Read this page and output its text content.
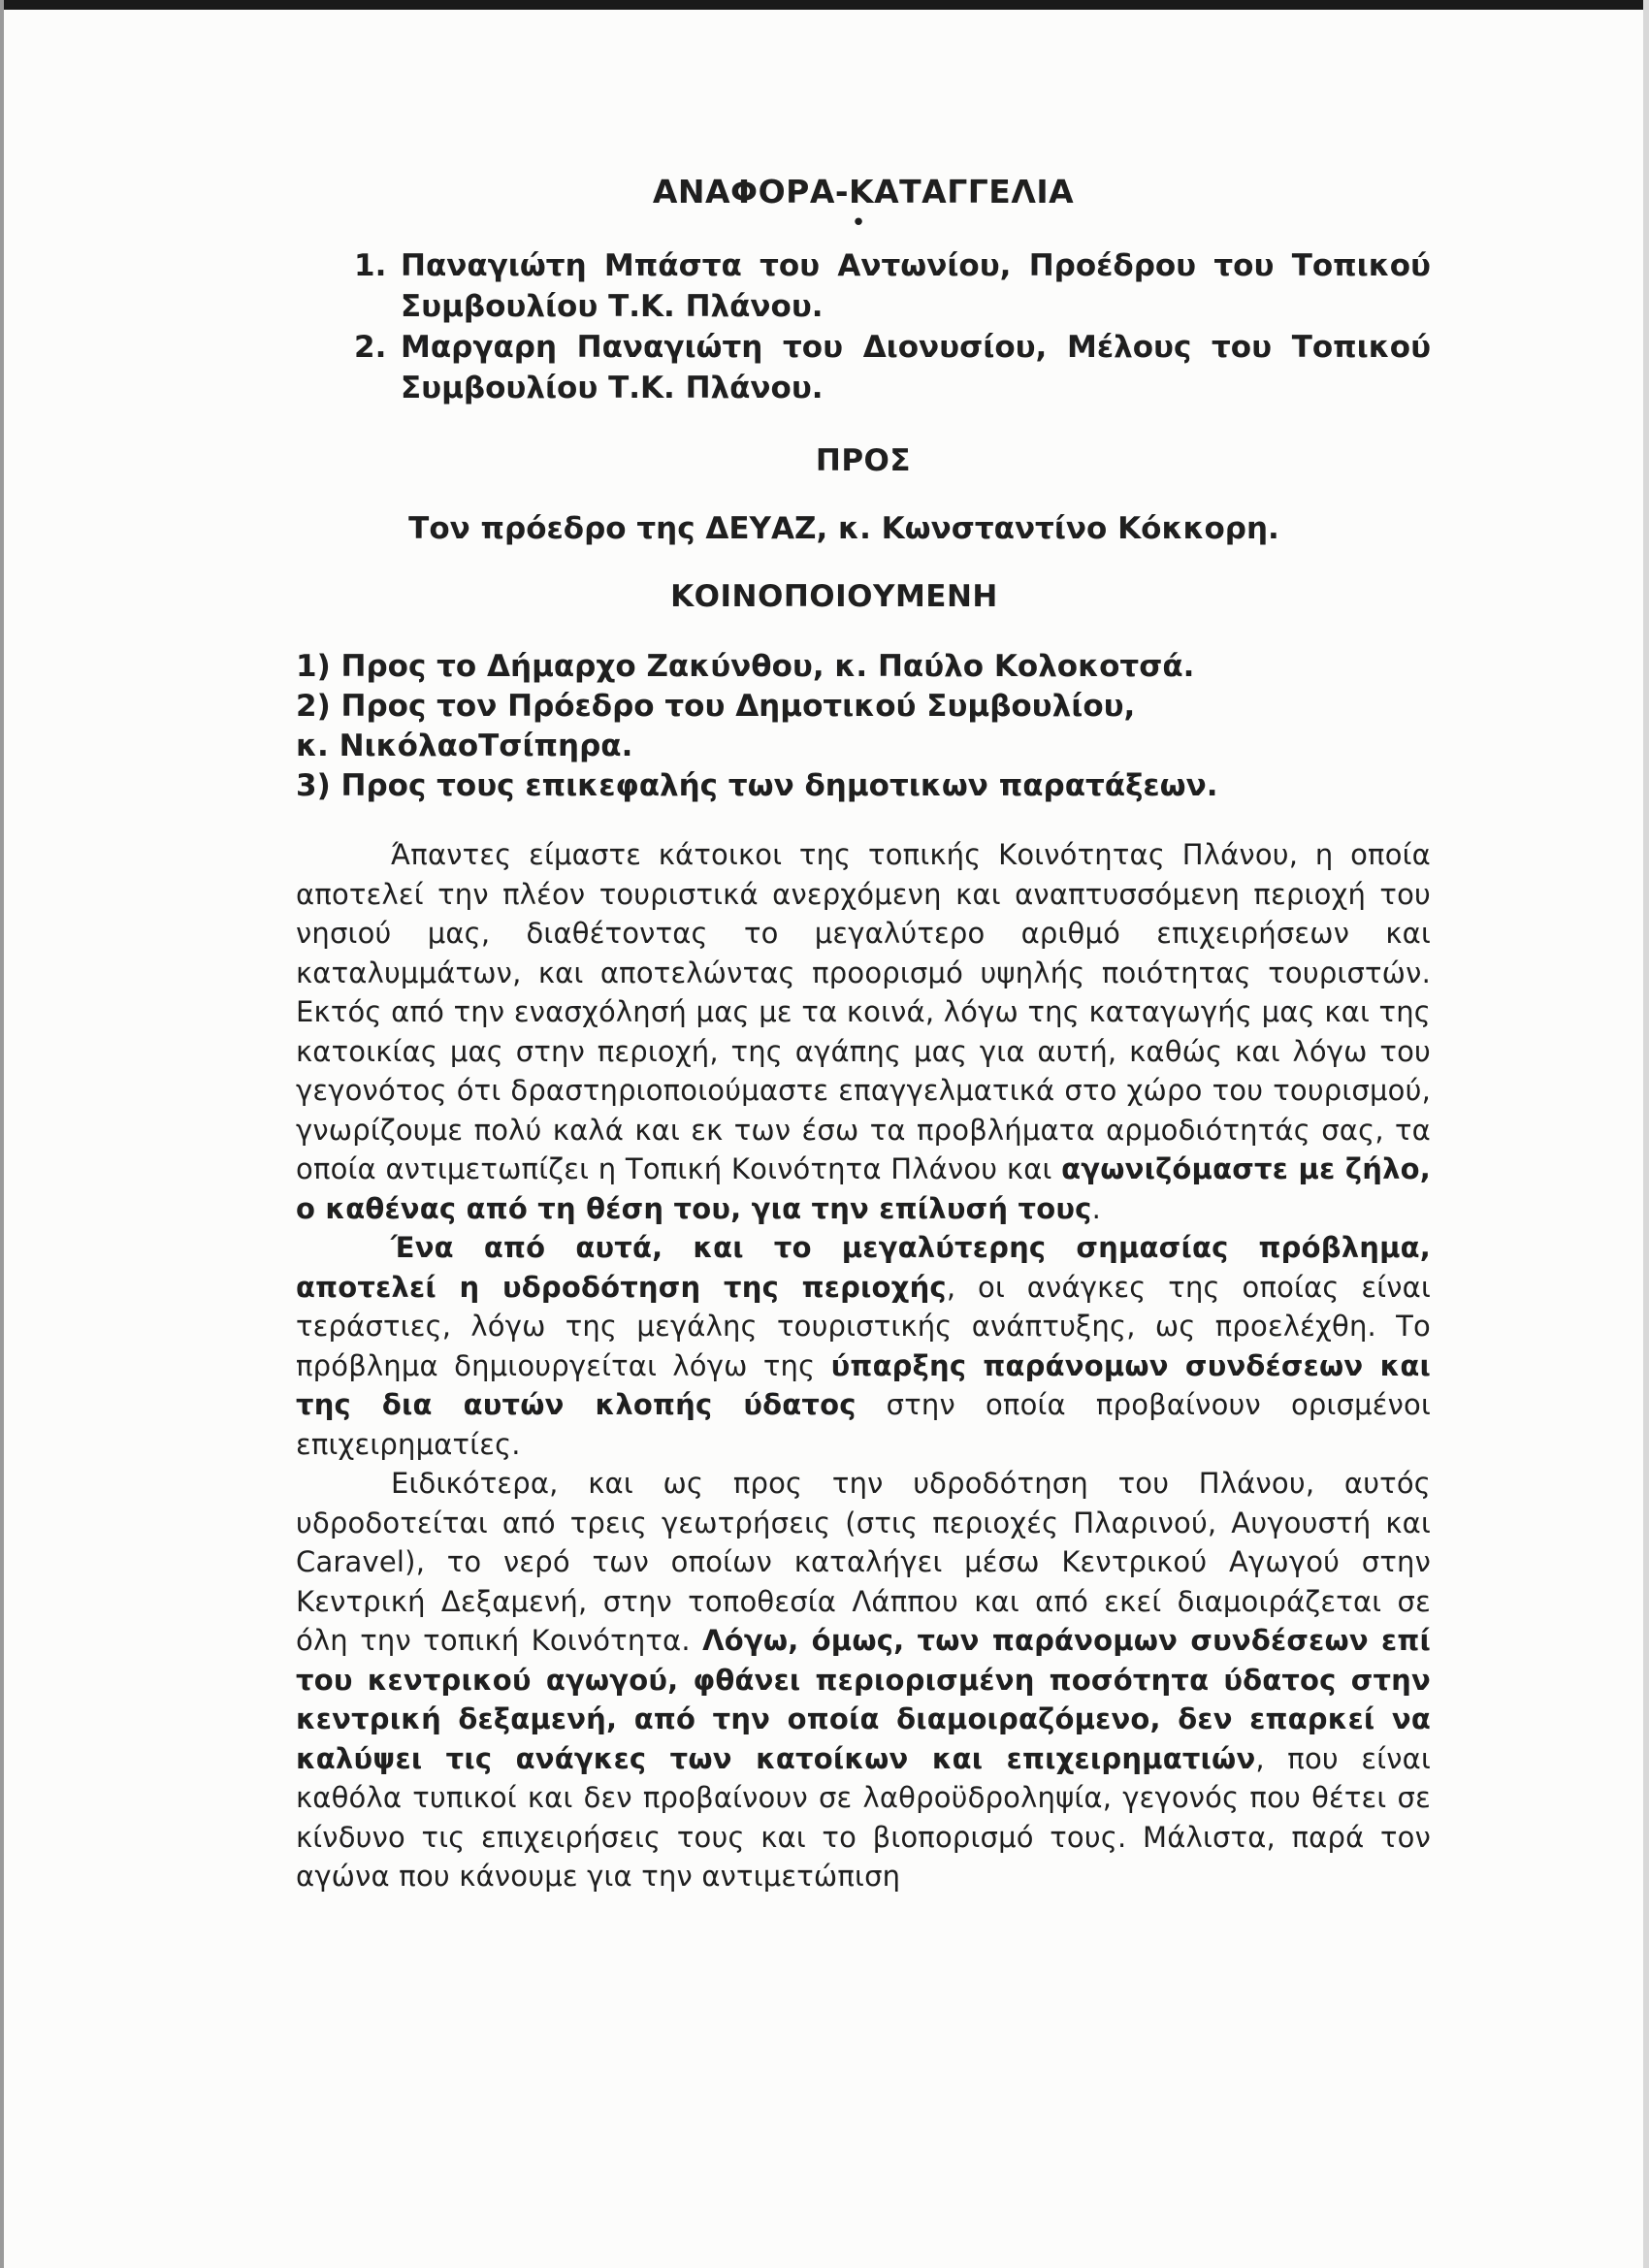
ΑΝΑΦΟΡΑ-ΚΑΤΑΓΓΕΛΙΑ

•
1. Παναγιώτη Μπάστα του Αντωνίου, Προέδρου του Τοπικού Συμβουλίου Τ.Κ. Πλάνου.
2. Μαργαρη Παναγιώτη του Διονυσίου, Μέλους του Τοπικού Συμβουλίου Τ.Κ. Πλάνου.

ΠΡΟΣ

Τον πρόεδρο της ΔΕΥΑΖ, κ. Κωνσταντίνο Κόκκορη.

ΚΟΙΝΟΠΟΙΟΥΜΕΝΗ

1) Προς το Δήμαρχο Ζακύνθου, κ. Παύλο Κολοκοτσά.
2) Προς τον Πρόεδρο του Δημοτικού Συμβουλίου,
κ. ΝικόλαοΤσίπηρα.
3) Προς τους επικεφαλής των δημοτικων παρατάξεων.

Άπαντες είμαστε κάτοικοι της τοπικής Κοινότητας Πλάνου, η οποία αποτελεί την πλέον τουριστικά ανερχόμενη και αναπτυσσόμενη περιοχή του νησιού μας, διαθέτοντας το μεγαλύτερο αριθμό επιχειρήσεων και καταλυμμάτων, και αποτελώντας προορισμό υψηλής ποιότητας τουριστών. Εκτός από την ενασχόλησή μας με τα κοινά, λόγω της καταγωγής μας και της κατοικίας μας στην περιοχή, της αγάπης μας για αυτή, καθώς και λόγω του γεγονότος ότι δραστηριοποιούμαστε επαγγελματικά στο χώρο του τουρισμού, γνωρίζουμε πολύ καλά και εκ των έσω τα προβλήματα αρμοδιότητάς σας, τα οποία αντιμετωπίζει η Τοπική Κοινότητα Πλάνου και αγωνιζόμαστε με ζήλο, ο καθένας από τη θέση του, για την επίλυσή τους.

Ένα από αυτά, και το μεγαλύτερης σημασίας πρόβλημα, αποτελεί η υδροδότηση της περιοχής, οι ανάγκες της οποίας είναι τεράστιες, λόγω της μεγάλης τουριστικής ανάπτυξης, ως προελέχθη. Το πρόβλημα δημιουργείται λόγω της ύπαρξης παράνομων συνδέσεων και της δια αυτών κλοπής ύδατος στην οποία προβαίνουν ορισμένοι επιχειρηματίες.

Ειδικότερα, και ως προς την υδροδότηση του Πλάνου, αυτός υδροδοτείται από τρεις γεωτρήσεις (στις περιοχές Πλαρινού, Αυγουστή και Caravel), το νερό των οποίων καταλήγει μέσω Κεντρικού Αγωγού στην Κεντρική Δεξαμενή, στην τοποθεσία Λάππου και από εκεί διαμοιράζεται σε όλη την τοπική Κοινότητα. Λόγω, όμως, των παράνομων συνδέσεων επί του κεντρικού αγωγού, φθάνει περιορισμένη ποσότητα ύδατος στην κεντρική δεξαμενή, από την οποία διαμοιραζόμενο, δεν επαρκεί να καλύψει τις ανάγκες των κατοίκων και επιχειρηματιών, που είναι καθόλα τυπικοί και δεν προβαίνουν σε λαθροϋδροληψία, γεγονός που θέτει σε κίνδυνο τις επιχειρήσεις τους και το βιοπορισμό τους. Μάλιστα, παρά τον αγώνα που κάνουμε για την αντιμετώπιση
